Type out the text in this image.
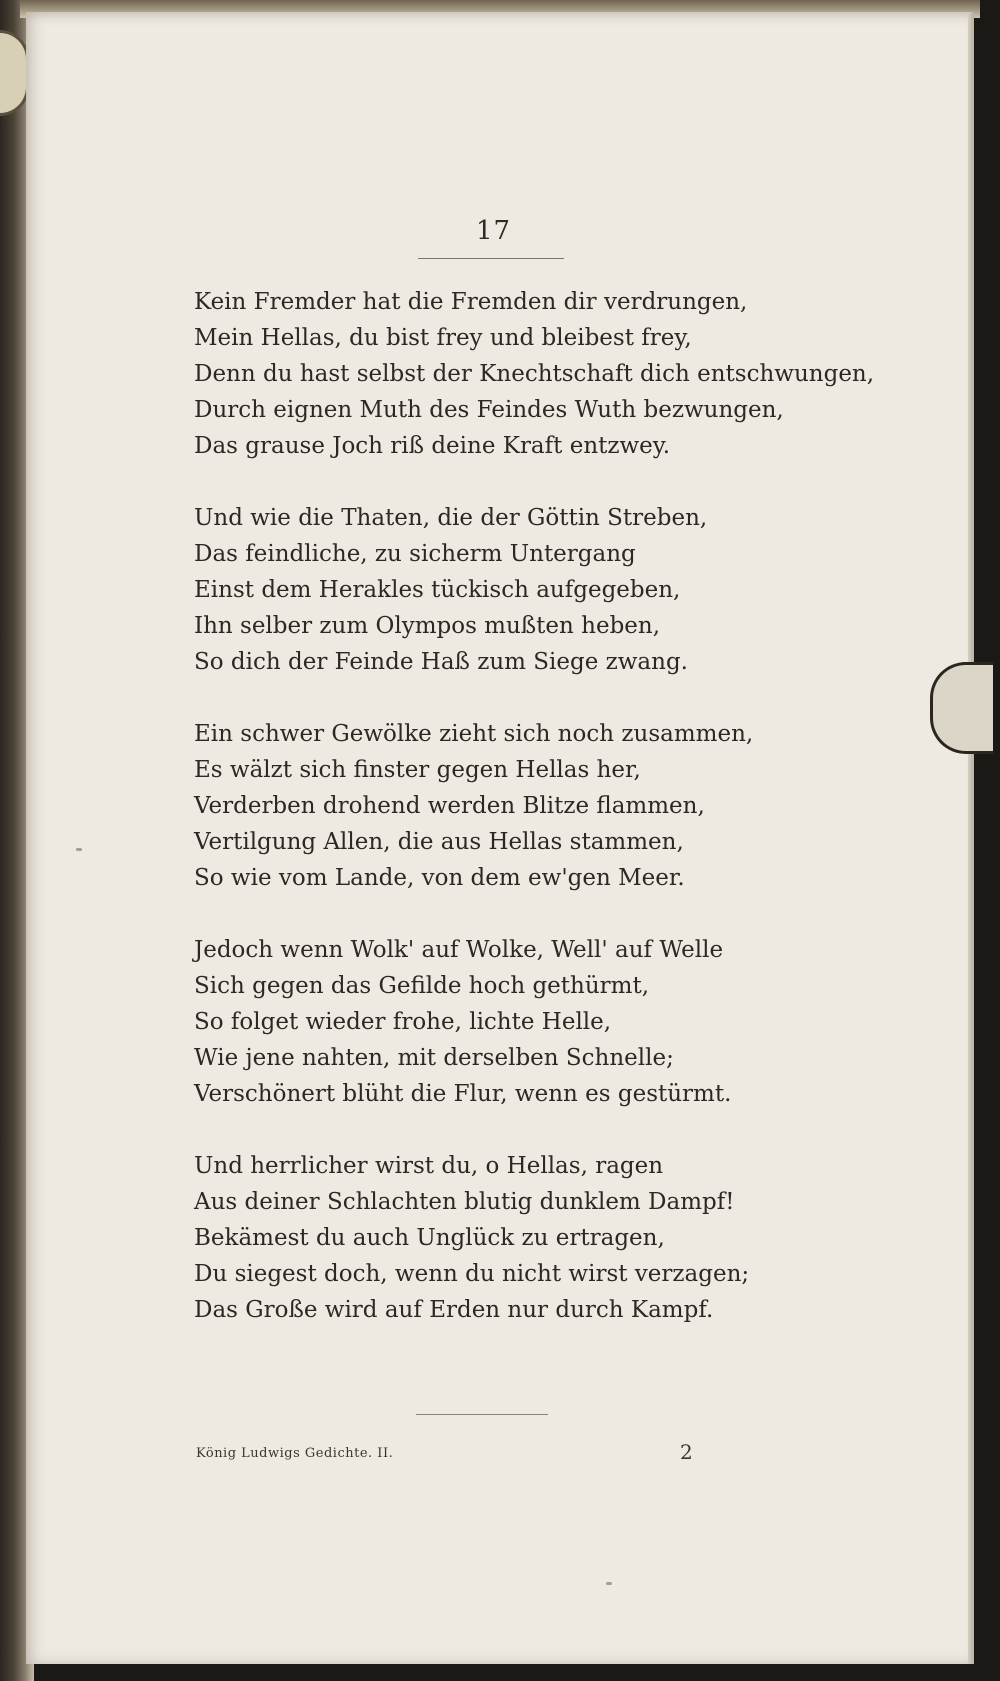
17
Kein Fremder hat die Fremden dir verdrungen,
Mein Hellas, du bist frey und bleibest frey,
Denn du hast selbst der Knechtschaft dich entschwungen,
Durch eignen Muth des Feindes Wuth bezwungen,
Das grause Joch riß deine Kraft entzwey.
Und wie die Thaten, die der Göttin Streben,
Das feindliche, zu sicherm Untergang
Einst dem Herakles tückisch aufgegeben,
Ihn selber zum Olympos mußten heben,
So dich der Feinde Haß zum Siege zwang.
Ein schwer Gewölke zieht sich noch zusammen,
Es wälzt sich finster gegen Hellas her,
Verderben drohend werden Blitze flammen,
Vertilgung Allen, die aus Hellas stammen,
So wie vom Lande, von dem ew'gen Meer.
Jedoch wenn Wolk' auf Wolke, Well' auf Welle
Sich gegen das Gefilde hoch gethürmt,
So folget wieder frohe, lichte Helle,
Wie jene nahten, mit derselben Schnelle;
Verschönert blüht die Flur, wenn es gestürmt.
Und herrlicher wirst du, o Hellas, ragen
Aus deiner Schlachten blutig dunklem Dampf!
Bekämest du auch Unglück zu ertragen,
Du siegest doch, wenn du nicht wirst verzagen;
Das Große wird auf Erden nur durch Kampf.
König Ludwigs Gedichte. II.	2
